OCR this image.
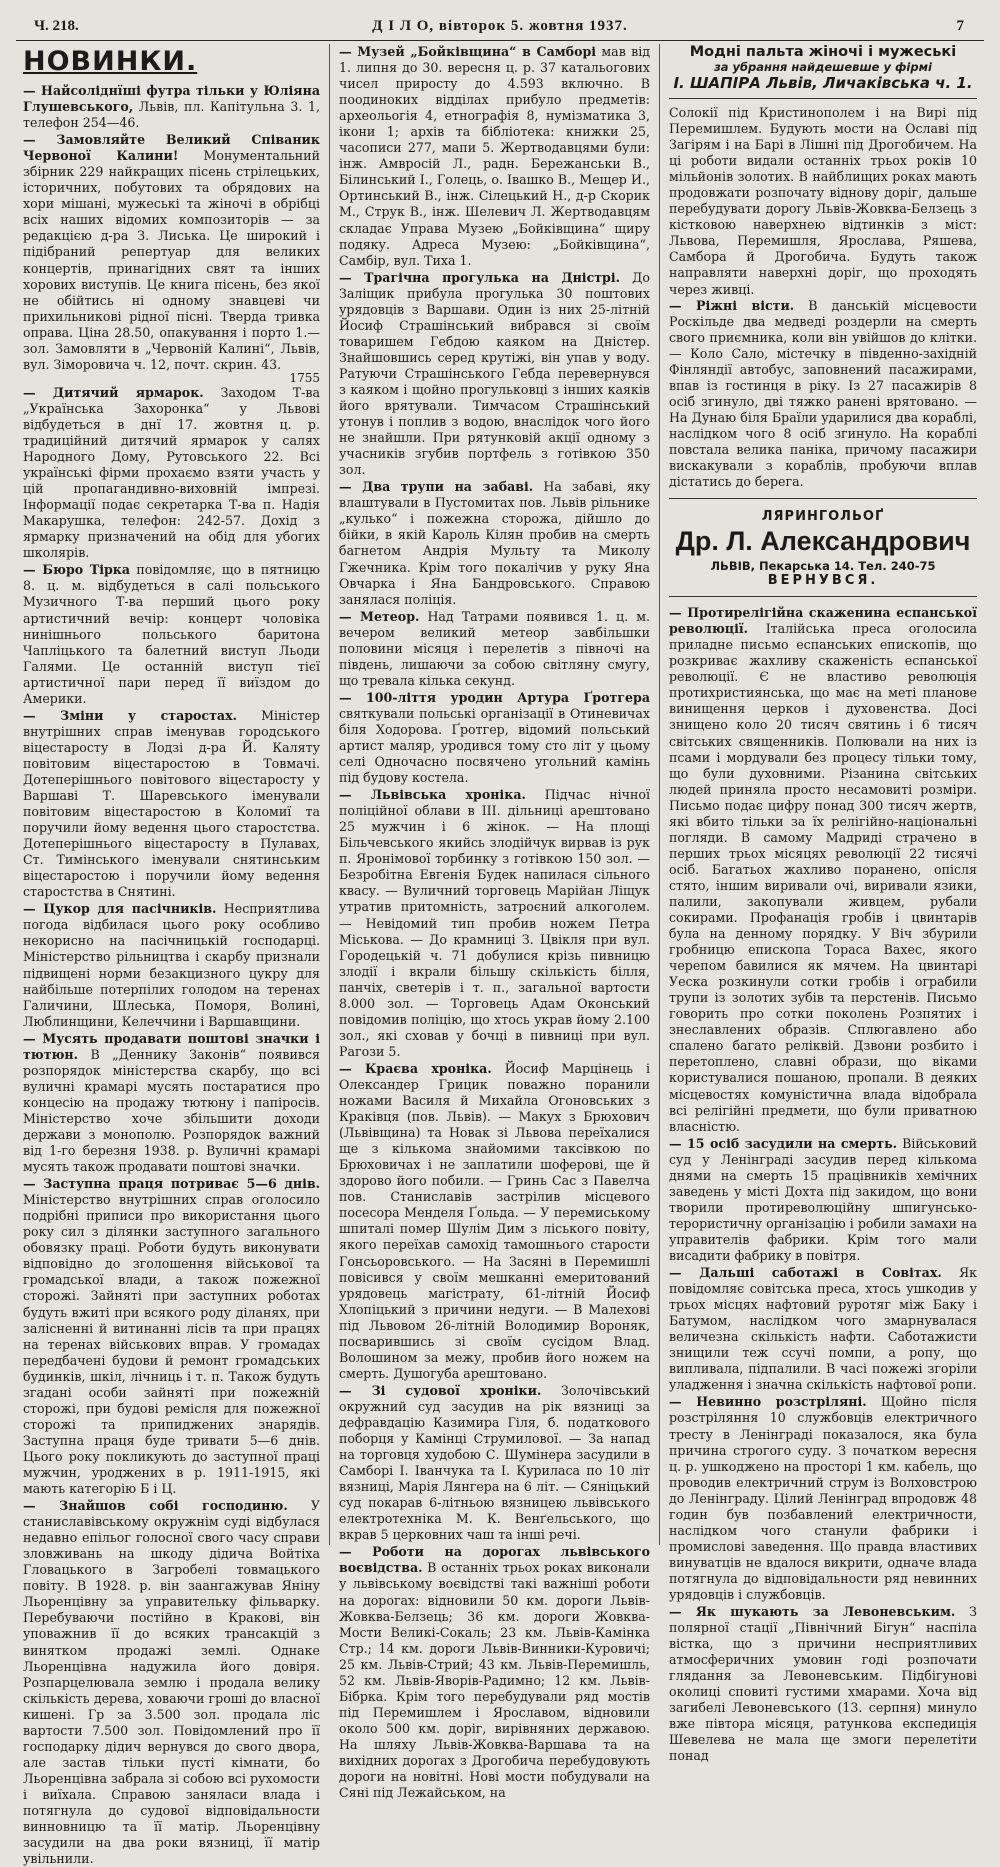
Ч. 218.	Д І Л О, вівторок 5. жовтня 1937.	7
НОВИНКИ.

— Найсоліднїші футра тільки у Юліяна Глушевського, Львів, пл. Капітульна 3. 1, телефон 254—46.

— Замовляйте Великий Співаник Червоної Калини! Монументальний збірник 229 найкращих пісень стрілецьких, історичних, побутових та обрядових на хори мішані, мужеські та жіночі в обрібці всіх наших відомих композиторів — за редакцією д-ра З. Лиська. Це широкий і підібраний репертуар для великих концертів, принагідних свят та інших хорових виступів. Це книга пісень, без якої не обійтись ні одному знавцеві чи прихильникові рідної пісні. Тверда тривка оправа. Ціна 28.50, опакування і порто 1.— зол. Замовляти в „Червоній Калині“, Львів, вул. Зіморовича ч. 12, почт. скрин. 43.

1755

— Дитячий ярмарок. Заходом Т-ва „Українська Захоронка“ у Львові відбудеться в днї 17. жовтня ц. р. традиційний дитячий ярмарок у салях Народного Дому, Рутовського 22. Всі українські фірми прохаємо взяти участь у цій пропагандивно-виховній імпрезі. Інформації подає секретарка Т-ва п. Надія Макарушка, телефон: 242-57. Дохід з ярмарку призначений на обід для убогих школярів.

— Бюро Тірка повідомляє, що в пятницю 8. ц. м. відбудеться в салі польського Музичного Т-ва перший цього року артистичний вечір: концерт чоловіка нинішнього польського баритона Чапліцького та балетний виступ Льоди Галями. Це останній виступ тієї артистичної пари перед її виїздом до Америки.

— Зміни у старостах. Міністер внутрішних справ іменував городського віцестаросту в Лодзі д-ра Й. Каляту повітовим віцестаростою в Товмачі. Дотеперішнього повітового віцестаросту у Варшаві Т. Шаревського іменували повітовим віцестаростою в Коломиї та поручили йому ведення цього старостства. Дотеперішнього віцестаросту в Пулавах, Ст. Тимінського іменували снятинським віцестаростою і поручили йому ведення старостства в Снятині.

— Цукор для пасічників. Несприятлива погода відбилася цього року особливо некорисно на пасічницькій господарці. Міністерство рільництва і скарбу признали підвищені норми безакцизного цукру для найбільше потерпілих голодом на теренах Галичини, Шлеська, Поморя, Волині, Люблинщини, Келеччини і Варшавщини.

— Мусять продавати поштові значки і тютюн. В „Деннику Законів“ появився розпорядок міністерства скарбу, що всі вуличні крамарі мусять постаратися про концесію на продажу тютюну і папіросів. Міністерство хоче збільшити доходи держави з монополю. Розпорядок важний від 1-го березня 1938. р. Вуличні крамарі мусять також продавати поштові значки.

— Заступна праця потриває 5—6 днів. Міністерство внутрішних справ оголосило подрібні приписи про використання цього року сил з ділянки заступного загального обовязку праці. Роботи будуть виконувати відповідно до зголошення військової та громадської влади, а також пожежної сторожі. Зайняті при заступних роботах будуть вжиті при всякого роду діланях, при залісненні й витинанні лісів та при працях на теренах військових вправ. У громадах передбачені будови й ремонт громадських будинків, шкіл, лічниць і т. п. Також будуть згадані особи зайняті при пожежній сторожі, при будові ремісля для пожежної сторожі та припиджених знарядів. Заступна праця буде тривати 5—6 днів. Цього року покликують до заступної праці мужчин, уроджених в р. 1911-1915, які мають категорію Б і Ц.

— Знайшов собі господиню. У станиславівському окружнім суді відбулася недавно епільог голосної свого часу справи зловживань на шкоду дідича Войтіха Гловацького в Загробелі товмацького повіту. В 1928. р. він заангажував Яніну Льоренцівну за управительку фільварку. Перебуваючи постійно в Кракові, він уповажнив її до всяких трансакцій з винятком продажі землі. Однаке Льоренцівна надужила його довіря. Розпарцелювала землю і продала велику скількість дерева, ховаючи гроші до власної кишені. Гр за 3.500 зол. продала ліс вартости 7.500 зол. Повідомлений про її господарку дідич вернувся до свого двора, але застав тільки пусті кімнати, бо Льоренцівна забрала зі собою всі рухомости і виїхала. Справою заняласи влада і потягнула до судової відповідальности винновницю та її матір. Льоренцівну засудили на два роки вязниці, її матір увільнили.

— Музей „Бойківщина“ в Самборі мав від 1. липня до 30. вересня ц. р. 37 катальогових чисел приросту до 4.593 включно. В поодиноких відділах прибуло предметів: археольогія 4, етнографія 8, нумізматика 3, ікони 1; архів та бібліотека: книжки 25, часописи 277, мапи 5. Жертводавцями були: інж. Амвросій Л., радн. Бережанськи В., Білинський І., Голець, о. Івашко В., Мещер И., Ортинський В., інж. Сілецький Н., д-р Скорик М., Струк В., інж. Шелевич Л. Жертводавцям складає Управа Музею „Бойківщина“ щиру подяку. Адреса Музею: „Бойківщина“, Самбір, вул. Тиха 1.

— Трагічна прогулька на Дністрі. До Заліщик прибула прогулька 30 поштових урядовців з Варшави. Один із них 25-літній Йосиф Страшінський вибрався зі своїм товаришем Гебдою каяком на Дністер. Знайшовшись серед крутіжі, він упав у воду. Ратуючи Страшінського Гебда перевернувся з каяком і щойно прогульковці з інших каяків його врятували. Тимчасом Страшінський утонув і поплив з водою, внаслідок чого його не знайшли. При рятунковій акції одному з учасників згубив портфель з готівкою 350 зол.

— Два трупи на забаві. На забаві, яку влаштували в Пустомитах пов. Львів рільнике „кулько“ і пожежна сторожа, дійшло до бійки, в якій Кароль Кілян пробив на смерть багнетом Андрія Мульту та Миколу Гжечника. Крім того покалічив у руку Яна Овчарка і Яна Бандровського. Справою занялася поліція.

— Метеор. Над Татрами появився 1. ц. м. вечером великий метеор завбільшки половини місяця і перелетів з півночі на південь, лишаючи за собою світляну смугу, що тревала кілька секунд.

— 100-ліття уродин Артура Ґротгера святкували польські організації в Отиневичах біля Ходорова. Ґротгер, відомий польський артист маляр, уродився тому сто літ у цьому селі Одночасно посвячено угольний камінь під будову костела.

— Львівська хроніка. Підчас нічної поліційної облави в ІІІ. дільниці арештовано 25 мужчин і 6 жінок. — На площі Більчевського якийсь злодійчук вирвав із рук п. Яронімової торбинку з готівкою 150 зол. — Безробітна Евгенія Будек напилася сільного квасу. — Вуличний торговець Марійан Ліщук утратив притомність, затроєний алкоголем. — Невідомий тип пробив ножем Петра Міськова. — До крамниці З. Цвікля при вул. Городецькій ч. 71 добулися крізь пивницю злодії і вкрали більшу скількість білля, панчіх, светерів і т. п., загальної вартости 8.000 зол. — Торговець Адам Оконський повідомив поліцію, що хтось украв йому 2.100 зол., які сховав у бочці в пивниці при вул. Рагози 5.

— Краєва хроніка. Йосиф Марцінець і Олександер Грицик поважно поранили ножами Василя й Михайла Огоновських з Краківця (пов. Львів). — Макух з Брюхович (Львівщина) та Новак зі Львова переїхалися ще з кількома знайомими таксівкою по Брюховичах і не заплатили шоферові, ще й здорово його побили. — Гринь Сас з Павелча пов. Станиславів застрілив місцевого посесора Менделя Ґольда. — У перемиському шпиталі помер Шулім Дим з ліського повіту, якого переїхав самохід тамошнього старости Гонсьоровського. — На Засяні в Перемишлі повісився у своїм мешканні емеритований урядовець магістрату, 61-літній Йосиф Хлопіцький з причини недуги. — В Малехові під Львовом 26-літній Володимир Вороняк, посварившись зі своїм сусідом Влад. Волошином за межу, пробив його ножем на смерть. Душогуба арештовано.

— Зі судової хроніки. Золочівський окружний суд засудив на рік вязниці за дефравдацію Казимира Гіля, б. податкового поборця у Камінці Струмилової. — За напад на торговця худобою С. Шумінера засудили в Самборі І. Іванчука та І. Куриласа по 10 літ вязниці, Марія Лянгера на 6 літ. — Сяніцький суд покарав 6-літньою вязницею львівського електротехніка М. К. Венґельського, що вкрав 5 церковних чаш та інші речі.

— Роботи на дорогах львівського воєвідства. В останніх трьох роках виконали у львівському воєвідстві такі важніші роботи на дорогах: відновили 50 км. дороги Львів-Жовква-Белзець; 36 км. дороги Жовква-Мости Великі-Сокаль; 23 км. Львів-Камінка Стр.; 14 км. дороги Львів-Винники-Куровичі; 25 км. Львів-Стрий; 43 км. Львів-Перемишль, 52 км. Львів-Яворів-Радимно; 12 км. Львів-Бібрка. Крім того перебудували ряд мостів під Перемишлем і Ярославом, відновили около 500 км. доріг, вирівняних державою. На шляху Львів-Жовква-Варшава та на вихідних дорогах з Дрогобича перебудовують дороги на новітні. Нові мости побудували на Сяні під Лежайськом, на

Модні пальта жіночі і мужеські
за убрання найдешевше у фірмі
І. ШАПІРА Львів, Личаківська ч. 1.

Солокії під Кристинополем і на Вирі під Перемишлем. Будують мости на Ославі під Загірям і на Барі в Лішні під Дрогобичем. На ці роботи видали останніх трьох років 10 мільйонів золотих. В найблищих роках мають продовжати розпочату віднову доріг, дальше перебудувати дорогу Львів-Жовква-Белзець з кістковою наверхнею відтинків з міст: Львова, Перемишля, Ярослава, Ряшева, Самбора й Дрогобича. Будуть також направляти наверхні доріг, що проходять через живці.

— Ріжні вісти. В данській місцевости Роскільде два медведі роздерли на смерть свого приємника, коли він увійшов до клітки. — Коло Сало, містечку в південно-західній Фінляндії автобус, заповнений пасажирами, впав із гостинця в ріку. Із 27 пасажирів 8 осіб згинуло, дві тяжко ранені врятовано. — На Дунаю біля Браїли ударилися два кораблі, наслідком чого 8 осіб згинуло. На кораблі повстала велика паніка, причому пасажири вискакували з кораблів, пробуючи вплав дістатись до берега.

ЛЯРИНГОЛЬОҐ
Др. Л. Александрович
ЛЬВІВ, Пекарська 14. Тел. 240-75
ВЕРНУВСЯ.

— Протирелігійна скаженина еспанської революції. Італійська преса оголосила приладне письмо еспанських епископів, що розкриває жахливу скаженість еспанської революції. Є не властиво революція протихристиянська, що має на меті планове винищення церков і духовенства. Досі знищено коло 20 тисяч святинь і 6 тисяч світських священників. Полювали на них із псами і мордували без процесу тільки тому, що були духовними. Різанина світських людей приняла просто несамовиті розміри. Письмо подає цифру понад 300 тисяч жертв, які вбито тільки за їх релігійно-національні погляди. В самому Мадриді страчено в перших трьох місяцях революції 22 тисячі осіб. Багатьох жахливо поранено, опісля стято, іншим виривали очі, виривали язики, палили, закопували живцем, рубали сокирами. Профанація гробів і цвинтарів була на денному порядку. У Віч збурили гробницю епископа Тораса Вахес, якого черепом бавилися як мячем. На цвинтарі Уеска розкинули сотки гробів і ограбили трупи із золотих зубів та перстенів. Письмо говорить про сотки поколень Розпятих і знеславлених образів. Сплюгавлено або спалено багато реліквій. Дзвони розбито і перетоплено, славні образи, що віками користувалися пошаною, пропали. В деяких місцевостях комуністична влада відобрала всі релігійні предмети, що були приватною власністю.

— 15 осіб засудили на смерть. Військовий суд у Ленінграді засудив перед кількома днями на смерть 15 працівників хемічних заведень у місті Дохта під закидом, що вони творили протиреволюційну шпигунсько-терористичну організацію і робили замахи на управителів фабрики. Крім того мали висадити фабрику в повітря.

— Дальші саботажі в Совітах. Як повідомляє совітська преса, хтось ушкодив у трьох місцях нафтовий руротяг між Баку і Батумом, наслідком чого змарнувалася величезна скількість нафти. Саботажисти знищили теж ссучі помпи, а ропу, що випливала, підпалили. В часі пожежі згоріли уладження і значна скількість нафтової ропи.

— Невинно розстріляні. Щойно після розстріляння 10 службовців електричного тресту в Ленінграді показалося, яка була причина строгого суду. З початком вересня ц. р. ушкоджено на просторі 1 км. кабель, що проводив електричний струм із Волховстрою до Ленінграду. Цілий Ленінград впродовж 48 годин був позбавлений електричности, наслідком чого станули фабрики і промислові заведення. Що правда властивих винуватців не вдалося викрити, одначе влада потягнула до відповідальности ряд невинних урядовців і службовців.

— Як шукають за Левоневським. З полярної стації „Північний Бігун“ наспіла вістка, що з причини несприятливих атмосферичних умовин годі розпочати глядання за Левоневським. Підбігунові околиці сповиті густими хмарами. Хоча від загибелі Левоневського (13. серпня) минуло вже півтора місяця, ратункова експедиція Шевелева не мала ще змоги перелетіти понад
